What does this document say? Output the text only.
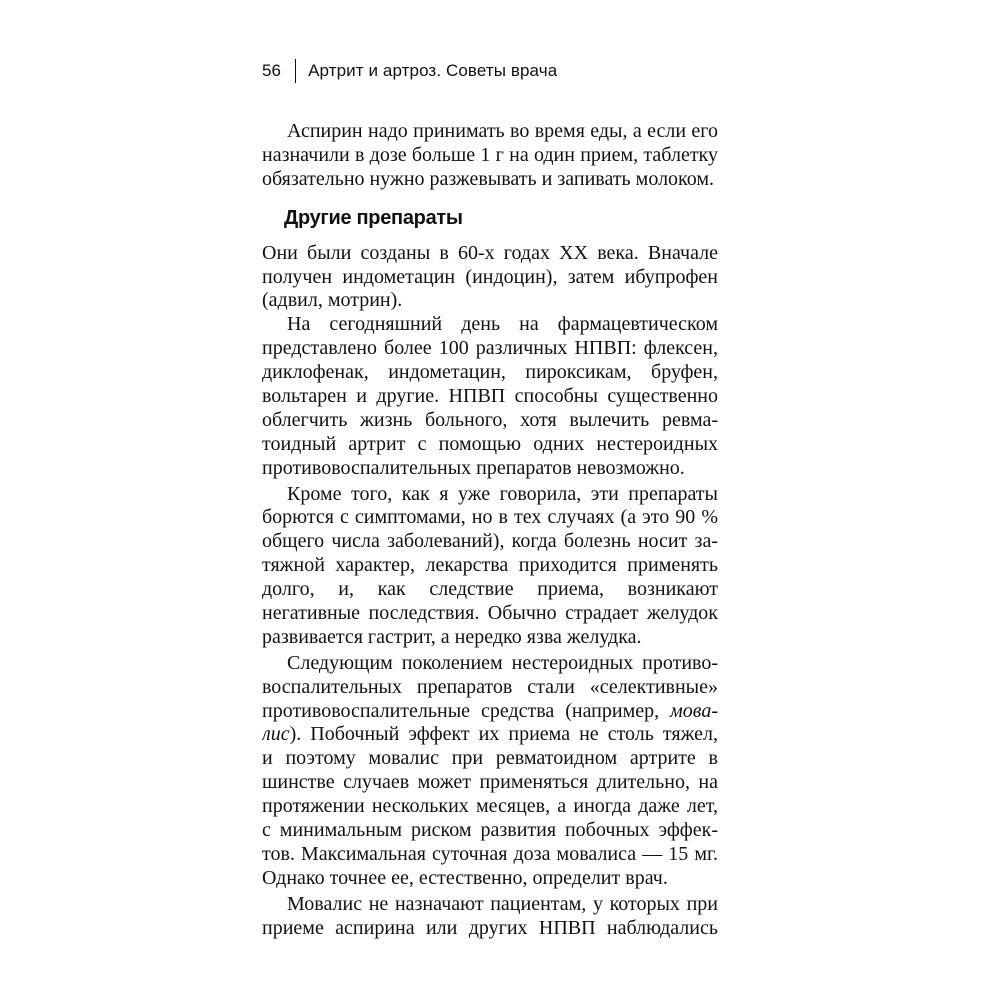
56 Артрит и артроз. Советы врача
Аспирин надо принимать во время еды, а если его
назначили в дозе больше 1 г на один прием, таблетку
обязательно нужно разжевывать и запивать молоком.
Другие препараты
Они были созданы в 60-х годах XX века. Вначале
получен индометацин (индоцин), затем ибупрофен
(адвил, мотрин).
На сегодняшний день на фармацевтическом
представлено более 100 различных НПВП: флексен,
диклофенак, индометацин, пироксикам, бруфен,
вольтарен и другие. НПВП способны существенно
облегчить жизнь больного, хотя вылечить ревма-
тоидный артрит с помощью одних нестероидных
противовоспалительных препаратов невозможно.
Кроме того, как я уже говорила, эти препараты
борются с симптомами, но в тех случаях (а это 90 %
общего числа заболеваний), когда болезнь носит за-
тяжной характер, лекарства приходится применять
долго, и, как следствие приема, возникают
негативные последствия. Обычно страдает желудок
развивается гастрит, а нередко язва желудка.
Следующим поколением нестероидных противо-
воспалительных препаратов стали «селективные»
противовоспалительные средства (например, мова-
лис). Побочный эффект их приема не столь тяжел,
и поэтому мовалис при ревматоидном артрите в
шинстве случаев может применяться длительно, на
протяжении нескольких месяцев, а иногда даже лет,
с минимальным риском развития побочных эффек-
тов. Максимальная суточная доза мовалиса — 15 мг.
Однако точнее ее, естественно, определит врач.
Мовалис не назначают пациентам, у которых при
приеме аспирина или других НПВП наблюдались
